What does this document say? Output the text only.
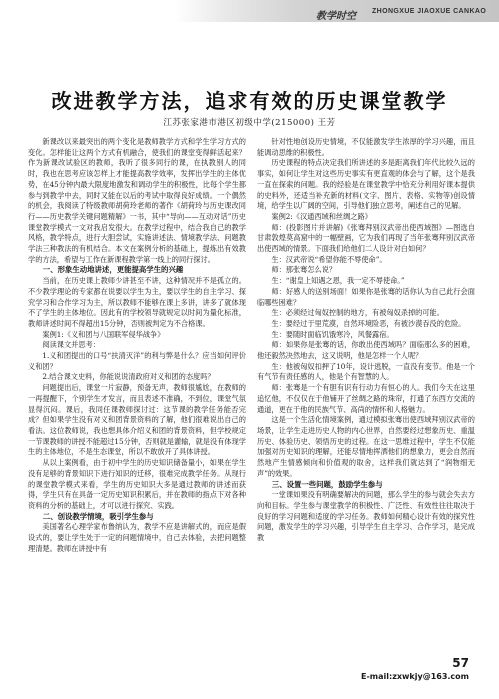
教学时空 ZHONGXUE JIAOXUE CANKAO
改进教学方法，追求有效的历史课堂教学
江苏张家港市港区初级中学(215000) 王芳

新课改以来最突出的两个变化是教师教学方式和学生学习方式的变化。怎样能让这两个方式有机融合，使我们的课堂变得鲜活起来？作为新课改试验区的教师，我听了很多同行的课，在执教别人的同时，我也在思考应该怎样上才能提高教学效率，发挥出学生的主体优势，在45分钟内最大限度地激发和调动学生的积极性，比每个学生都参与到教学中去，同时又能在以后的考试中取得良好成绩。一个偶然的机会，我阅读了特级教师胡荷玲老师的著作《胡荷玲与历史课改同行——历史教学关键问题精解》一书，其中“导向——互动对话”历史课堂教学模式一文对我启发很大。在教学过程中，结合我自己的教学风格，教学特点，进行大胆尝试，实施讲述法、情境教学法、问题教学法三种教法的有机结合。本文在案例分析的基础上，提炼出有效教学的方法，希望与工作在新课程教学第一线上的同行探讨。

一、形象生动地讲述，更能提高学生的兴趣

当前，在历史课上教师少讲甚至不讲，这种情况并不是孤立的。不少教学理论的专家都在说要以学生为主，要以学生的自主学习、探究学习和合作学习为主，所以教师不能够在课上多讲，讲多了就体现不了学生的主体地位。因此有的学校领导就规定以时间为量化标准，教师讲述时间不得超出15分钟，否则被判定为不合格课。

案例1:《义和团与八国联军侵华战争》

阅读课文并思考：

1.义和团提出的口号“扶清灭洋”的利与弊是什么？应当如何评价义和团？

2.结合课文史料，你能说说清政府对义和团的态度吗？

问题提出后，课堂一片寂静，预备无声，教师很尴尬，在教师的一再提醒下，个别学生才发言，而且表述不准确，不到位，课堂气氛显得沉闷。课后，我同任课教师探讨过：这节课的教学任务能否完成？但如果学生没有对义和团背景资料的了解，他们很难说出自己的看法。这位教师说，我也想具体介绍义和团的背景资料，但学校规定一节课教师的讲授不能超过15分钟，否则就是灌输，就是没有体现学生的主体地位，不是生态课堂，所以不敢放开了具体讲授。

从以上案例看，由于初中学生的历史知识储备量小，如果在学生没有足够的背景知识下进行知识的迁移，很难完成教学任务。从现行的课堂教学模式来看，学生的历史知识大多是通过教师的讲述而获得，学生只有在具备一定历史知识积累后，并在教师的指点下对各种资料的分析的基础上，才可以进行探究、实践。

二、创设教学情境，吸引学生参与

美国著名心理学家布鲁纳认为，教学不应是讲解式的，而应是假设式的，要让学生处于一定的问题情境中，自己去体验，去把问题整理清楚。教师在讲授中有

针对性地创设历史情境，不仅能激发学生浓厚的学习兴趣，而且能调动思维的积极性。

历史课程的特点决定我们所讲述的多是距离我们年代比较久远的事实，如何让学生对这些历史事实有更直观的体会与了解，这个是我一直在探索的问题。我的经验是在课堂教学中恰充分利用好课本提供的史料外，还适当补充新的材料(文字、图片、表格、实物等)创设情境，给学生以广阔的空间，引导他们独立思考，阐述自己的见解。

案例2:《汉通西域和丝绸之路》

师：(投影图片并讲解)《张骞拜别汉武帝出使西域图》—图选自甘肃敦煌莫高窟中的一幅壁画，它为我们再现了当年张骞拜别汉武帝出使西域的情景。下面我们给他们二人设计对白如何？

生：汉武帝说“希望你能不辱使命”。

师：那张骞怎么说？

生：“谢皇上知遇之恩，我一定不辱使命。”

师：好感人的送别场面！如果你是张骞的话你认为自己此行会面临哪些困难？

生：必须经过匈奴控制的地方，有被匈奴杀掉的可能。

生：要经过于里荒漠，自然环境险恶，有被沙漠吞没的危险。

生：要随时面临饥饿寒冷，风餐露宿。

师：如果你是张骞的话，你敢出使西域吗？面临那么多的困难，他还毅然决然地去，这又说明，他是怎样一个人呢？

生：他被匈奴扣押了10年，设计逃脱，一直没有变节。他是一个有气节有责任感的人，他是个有智慧的人。

师：张骞是一个有胆有识有行动力有恒心的人。我们今天在这里追忆他，不仅仅在于他铺开了丝绸之路的珠帘，打通了东西方交流的通道，更在于他的民族气节、高尚的情怀和人格魅力。

这是一个生活化情境案例，通过模拟张骞出使西域拜别汉武帝的场景，让学生走进历史人物的内心世界，自然要经过想象历史、重温历史、体验历史、领悟历史的过程。在这一思维过程中，学生不仅能加强对历史知识的理解，还能尽情地挥洒他们的想象力，更会自然而然地产生情感倾向和价值观的取舍，这样我们就达到了“润物细无声”的效果。

三、设置一些问题，鼓励学生参与

一堂课如果没有明确要解决的问题，那么学生的参与就会失去方向和目标。学生参与课堂教学的积极性、广泛性、有效性往往取决于良好的学习问题和适度的学习任务。教师如何精心设计有效的探究性问题，激发学生的学习兴趣，引导学生自主学习、合作学习，是完成教

57
E-mail:zxwkjy@163.com
